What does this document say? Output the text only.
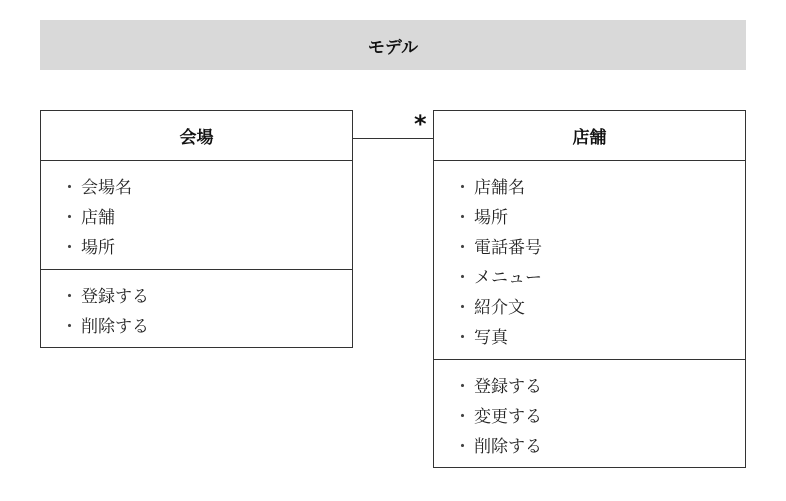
モデル
会場
・ 会場名
・ 店舗
・ 場所
・ 登録する
・ 削除する
*	店舗
・ 店舗名
・ 場所
・ 電話番号
・ メニュー
・ 紹介文
・ 写真
・ 登録する
・ 変更する
・ 削除する
